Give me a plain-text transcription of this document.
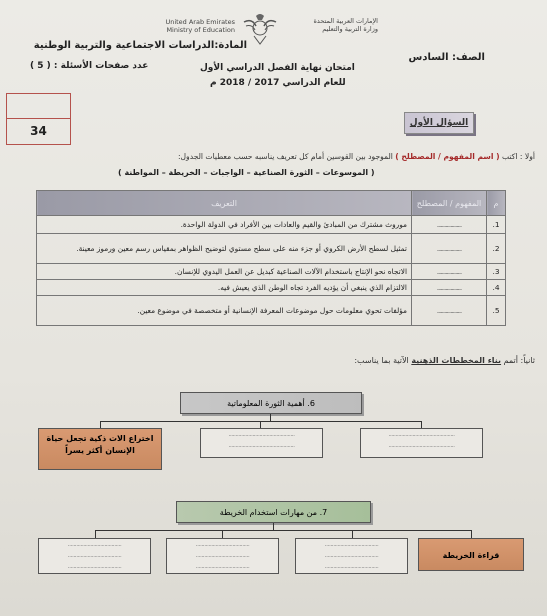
United Arab Emirates
Ministry of Education
الإمارات العربية المتحدة
وزارة التربية والتعليم
المادة:الدراسات الاجتماعية والتربية الوطنية
الصف: السادس
امتحان نهاية الفصل الدراسي الأول
للعام الدراسي 2017 / 2018 م
عدد صفحات الأسئلة : ( 5 )
34
السؤال الأول
أولا : اكتب ( اسم المفهوم / المصطلح ) الموجود بين القوسين أمام كل تعريف يناسبه حسب معطيات الجدول:
( الموسوعات – الثورة الصناعية – الواجبات – الخريطة – المواطنة )
م	المفهوم / المصطلح	التعريف
1.	....................	موروث مشترك من المبادئ والقيم والعادات بين الأفراد في الدولة الواحدة.
2.	....................	تمثيل لسطح الأرض الكروي أو جزء منه على سطح مستوي لتوضيح الظواهر بمقياس رسم معين ورموز معينة.
3.	....................	الاتجاه نحو الإنتاج باستخدام الآلات الصناعية كبديل عن العمل اليدوي للإنسان.
4.	....................	الالتزام الذي ينبغي أن يؤديه الفرد تجاه الوطن الذي يعيش فيه.
5.	....................	مؤلفات تحوي معلومات حول موضوعات المعرفة الإنسانية أو متخصصة في موضوع معين.
ثانياً: أتمم بناء المخططات الذهنية الآتية بما يناسب:
6. أهمية الثورة المعلوماتية
اختراع الات ذكية تجعل حياة الإنسان أكثر يسراً
...............................................
...............................................
...............................................
...............................................
7. من مهارات استخدام الخريطة
......................................
......................................
......................................
......................................
......................................
......................................
......................................
......................................
......................................
قراءة الخريطة
